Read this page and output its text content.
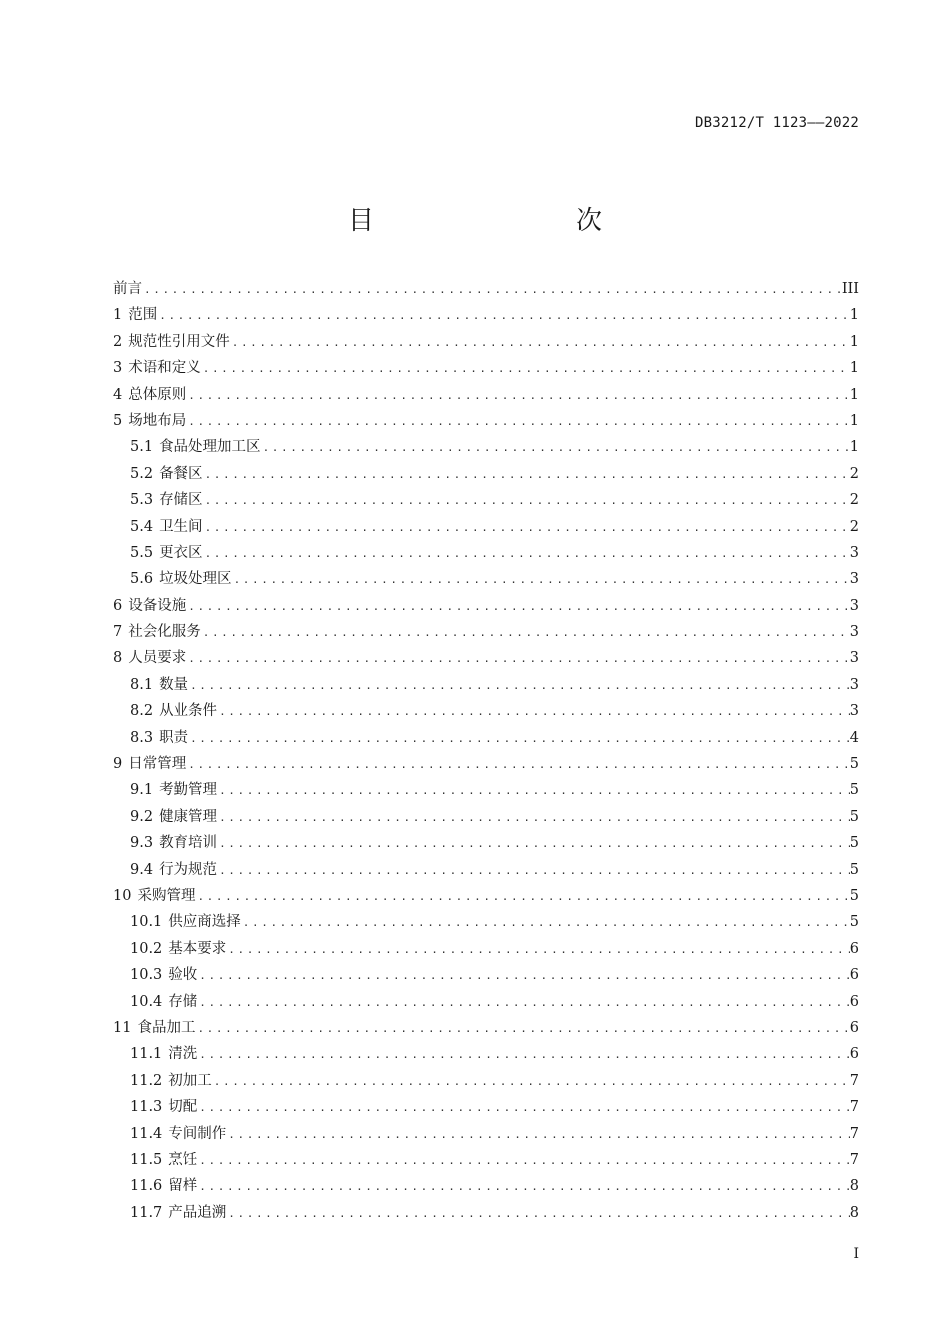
DB3212/T 1123——2022
目　　次
前言 .....	III
1 范围 .....	1
2 规范性引用文件 .....	1
3 术语和定义 .....	1
4 总体原则 .....	1
5 场地布局 .....	1
5.1 食品处理加工区 .....	1
5.2 备餐区 .....	2
5.3 存储区 .....	2
5.4 卫生间 .....	2
5.5 更衣区 .....	3
5.6 垃圾处理区 .....	3
6 设备设施 .....	3
7 社会化服务 .....	3
8 人员要求 .....	3
8.1 数量 .....	3
8.2 从业条件 .....	3
8.3 职责 .....	4
9 日常管理 .....	5
9.1 考勤管理 .....	5
9.2 健康管理 .....	5
9.3 教育培训 .....	5
9.4 行为规范 .....	5
10 采购管理 .....	5
10.1 供应商选择 .....	5
10.2 基本要求 .....	6
10.3 验收 .....	6
10.4 存储 .....	6
11 食品加工 .....	6
11.1 清洗 .....	6
11.2 初加工 .....	7
11.3 切配 .....	7
11.4 专间制作 .....	7
11.5 烹饪 .....	7
11.6 留样 .....	8
11.7 产品追溯 .....	8
I
